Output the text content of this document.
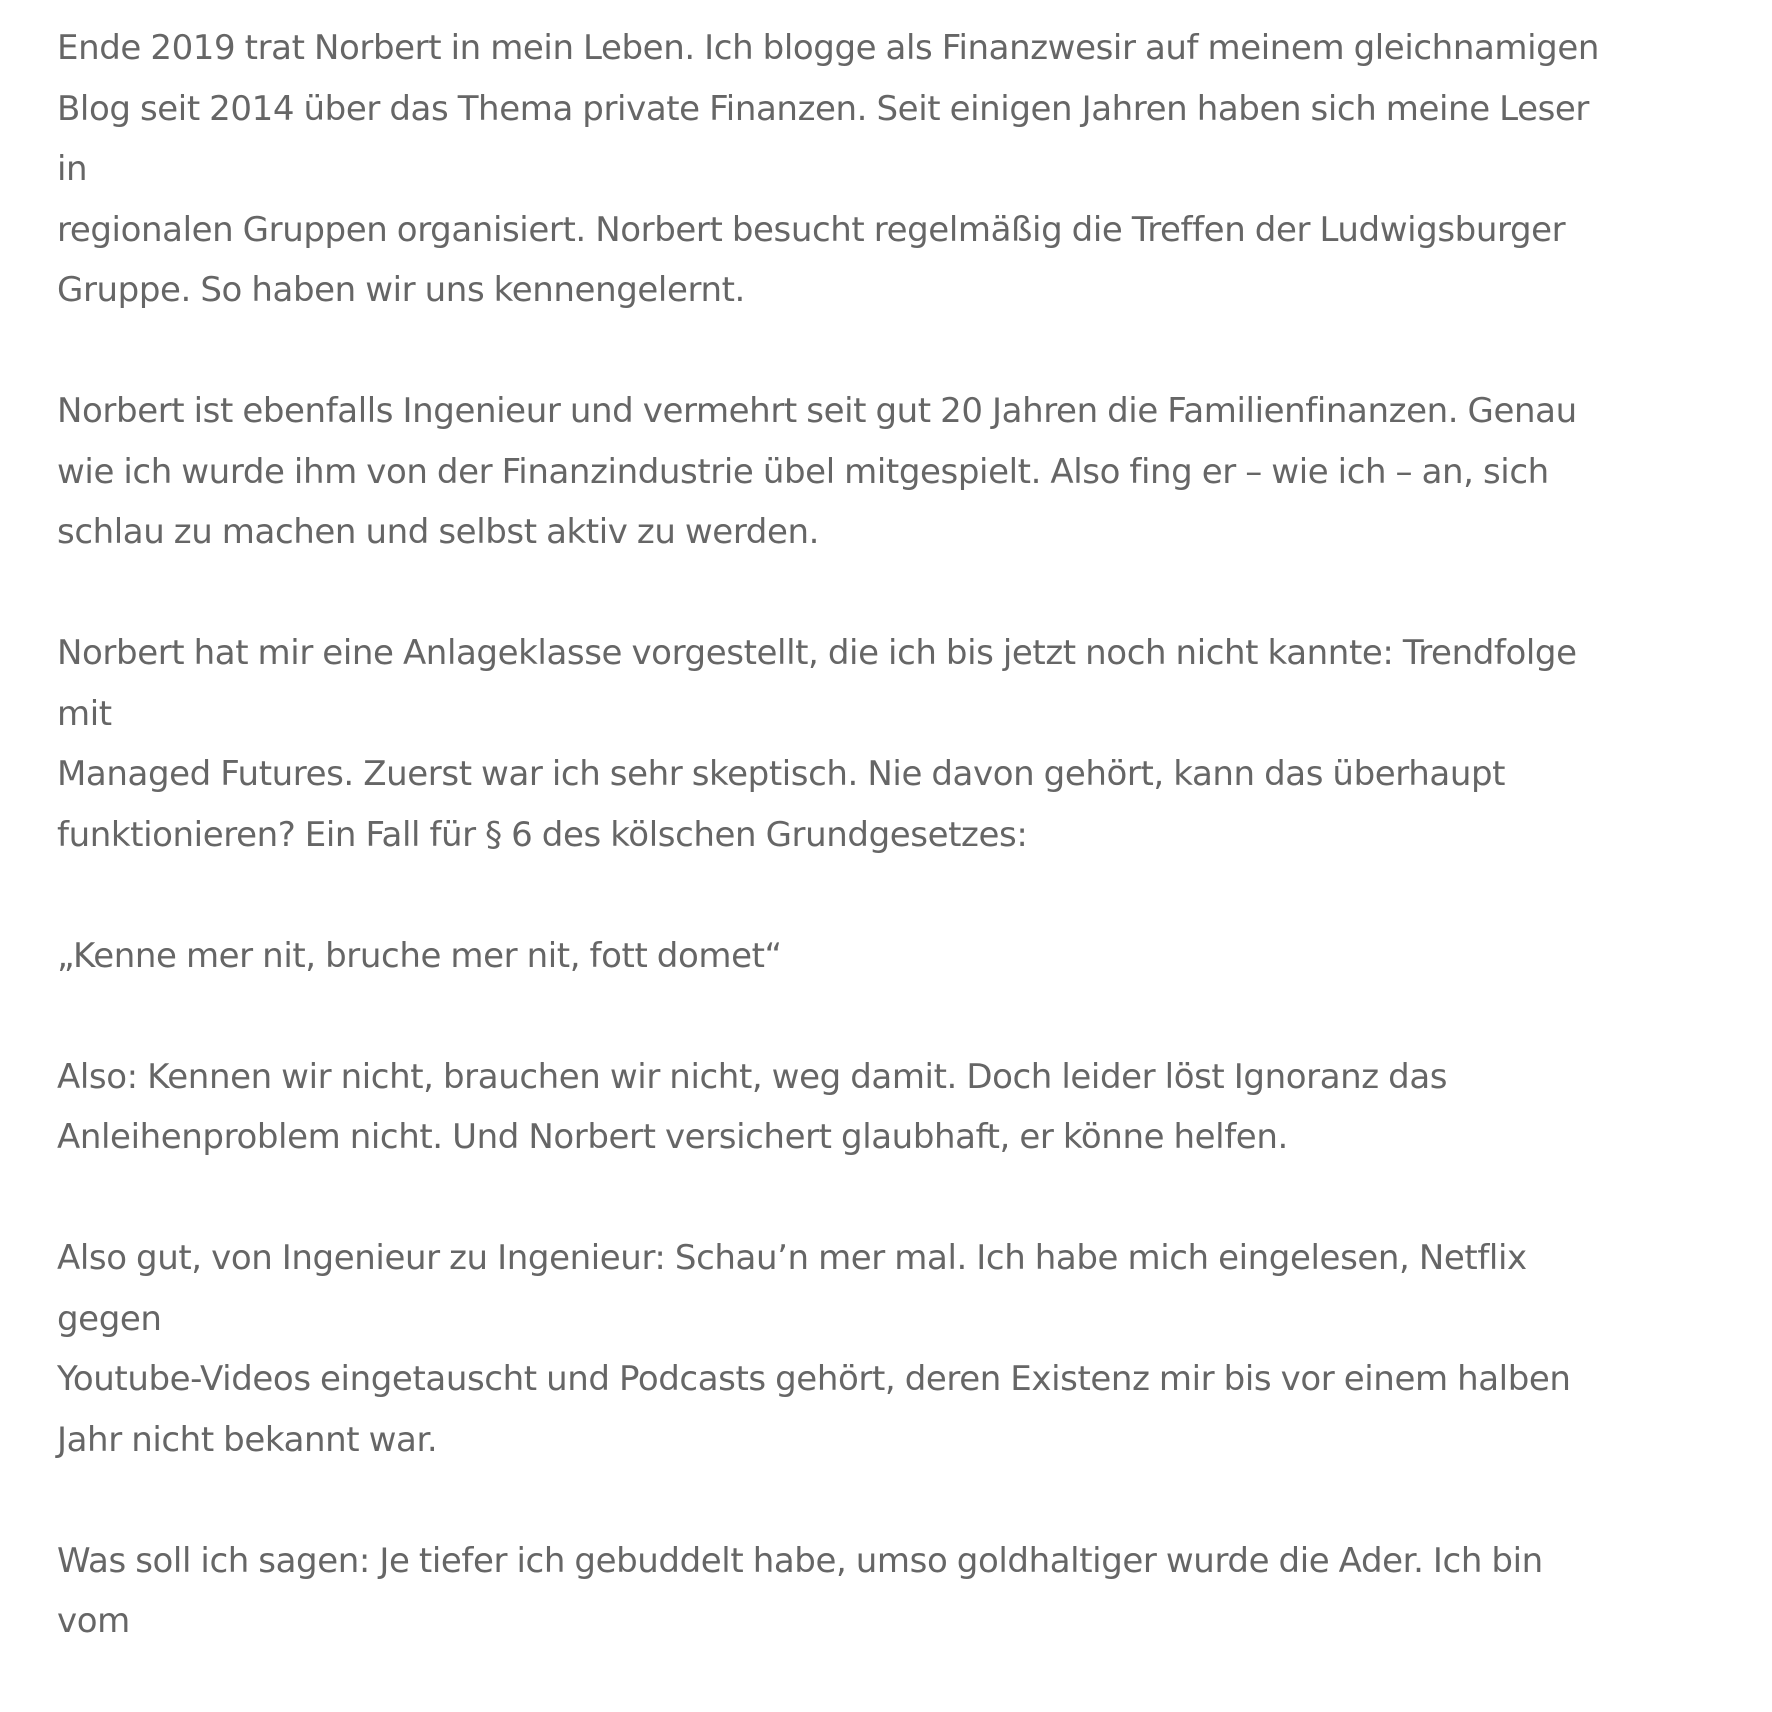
Ende 2019 trat Norbert in mein Leben. Ich blogge als Finanzwesir auf meinem gleichnamigen
Blog seit 2014 über das Thema private Finanzen. Seit einigen Jahren haben sich meine Leser in
regionalen Gruppen organisiert. Norbert besucht regelmäßig die Treffen der Ludwigsburger
Gruppe. So haben wir uns kennengelernt.

Norbert ist ebenfalls Ingenieur und vermehrt seit gut 20 Jahren die Familienfinanzen. Genau
wie ich wurde ihm von der Finanzindustrie übel mitgespielt. Also fing er – wie ich – an, sich
schlau zu machen und selbst aktiv zu werden.

Norbert hat mir eine Anlageklasse vorgestellt, die ich bis jetzt noch nicht kannte: Trendfolge mit
Managed Futures. Zuerst war ich sehr skeptisch. Nie davon gehört, kann das überhaupt
funktionieren? Ein Fall für § 6 des kölschen Grundgesetzes:

„Kenne mer nit, bruche mer nit, fott domet“

Also: Kennen wir nicht, brauchen wir nicht, weg damit. Doch leider löst Ignoranz das
Anleihenproblem nicht. Und Norbert versichert glaubhaft, er könne helfen.

Also gut, von Ingenieur zu Ingenieur: Schau’n mer mal. Ich habe mich eingelesen, Netflix gegen
Youtube-Videos eingetauscht und Podcasts gehört, deren Existenz mir bis vor einem halben
Jahr nicht bekannt war.

Was soll ich sagen: Je tiefer ich gebuddelt habe, umso goldhaltiger wurde die Ader. Ich bin vom
